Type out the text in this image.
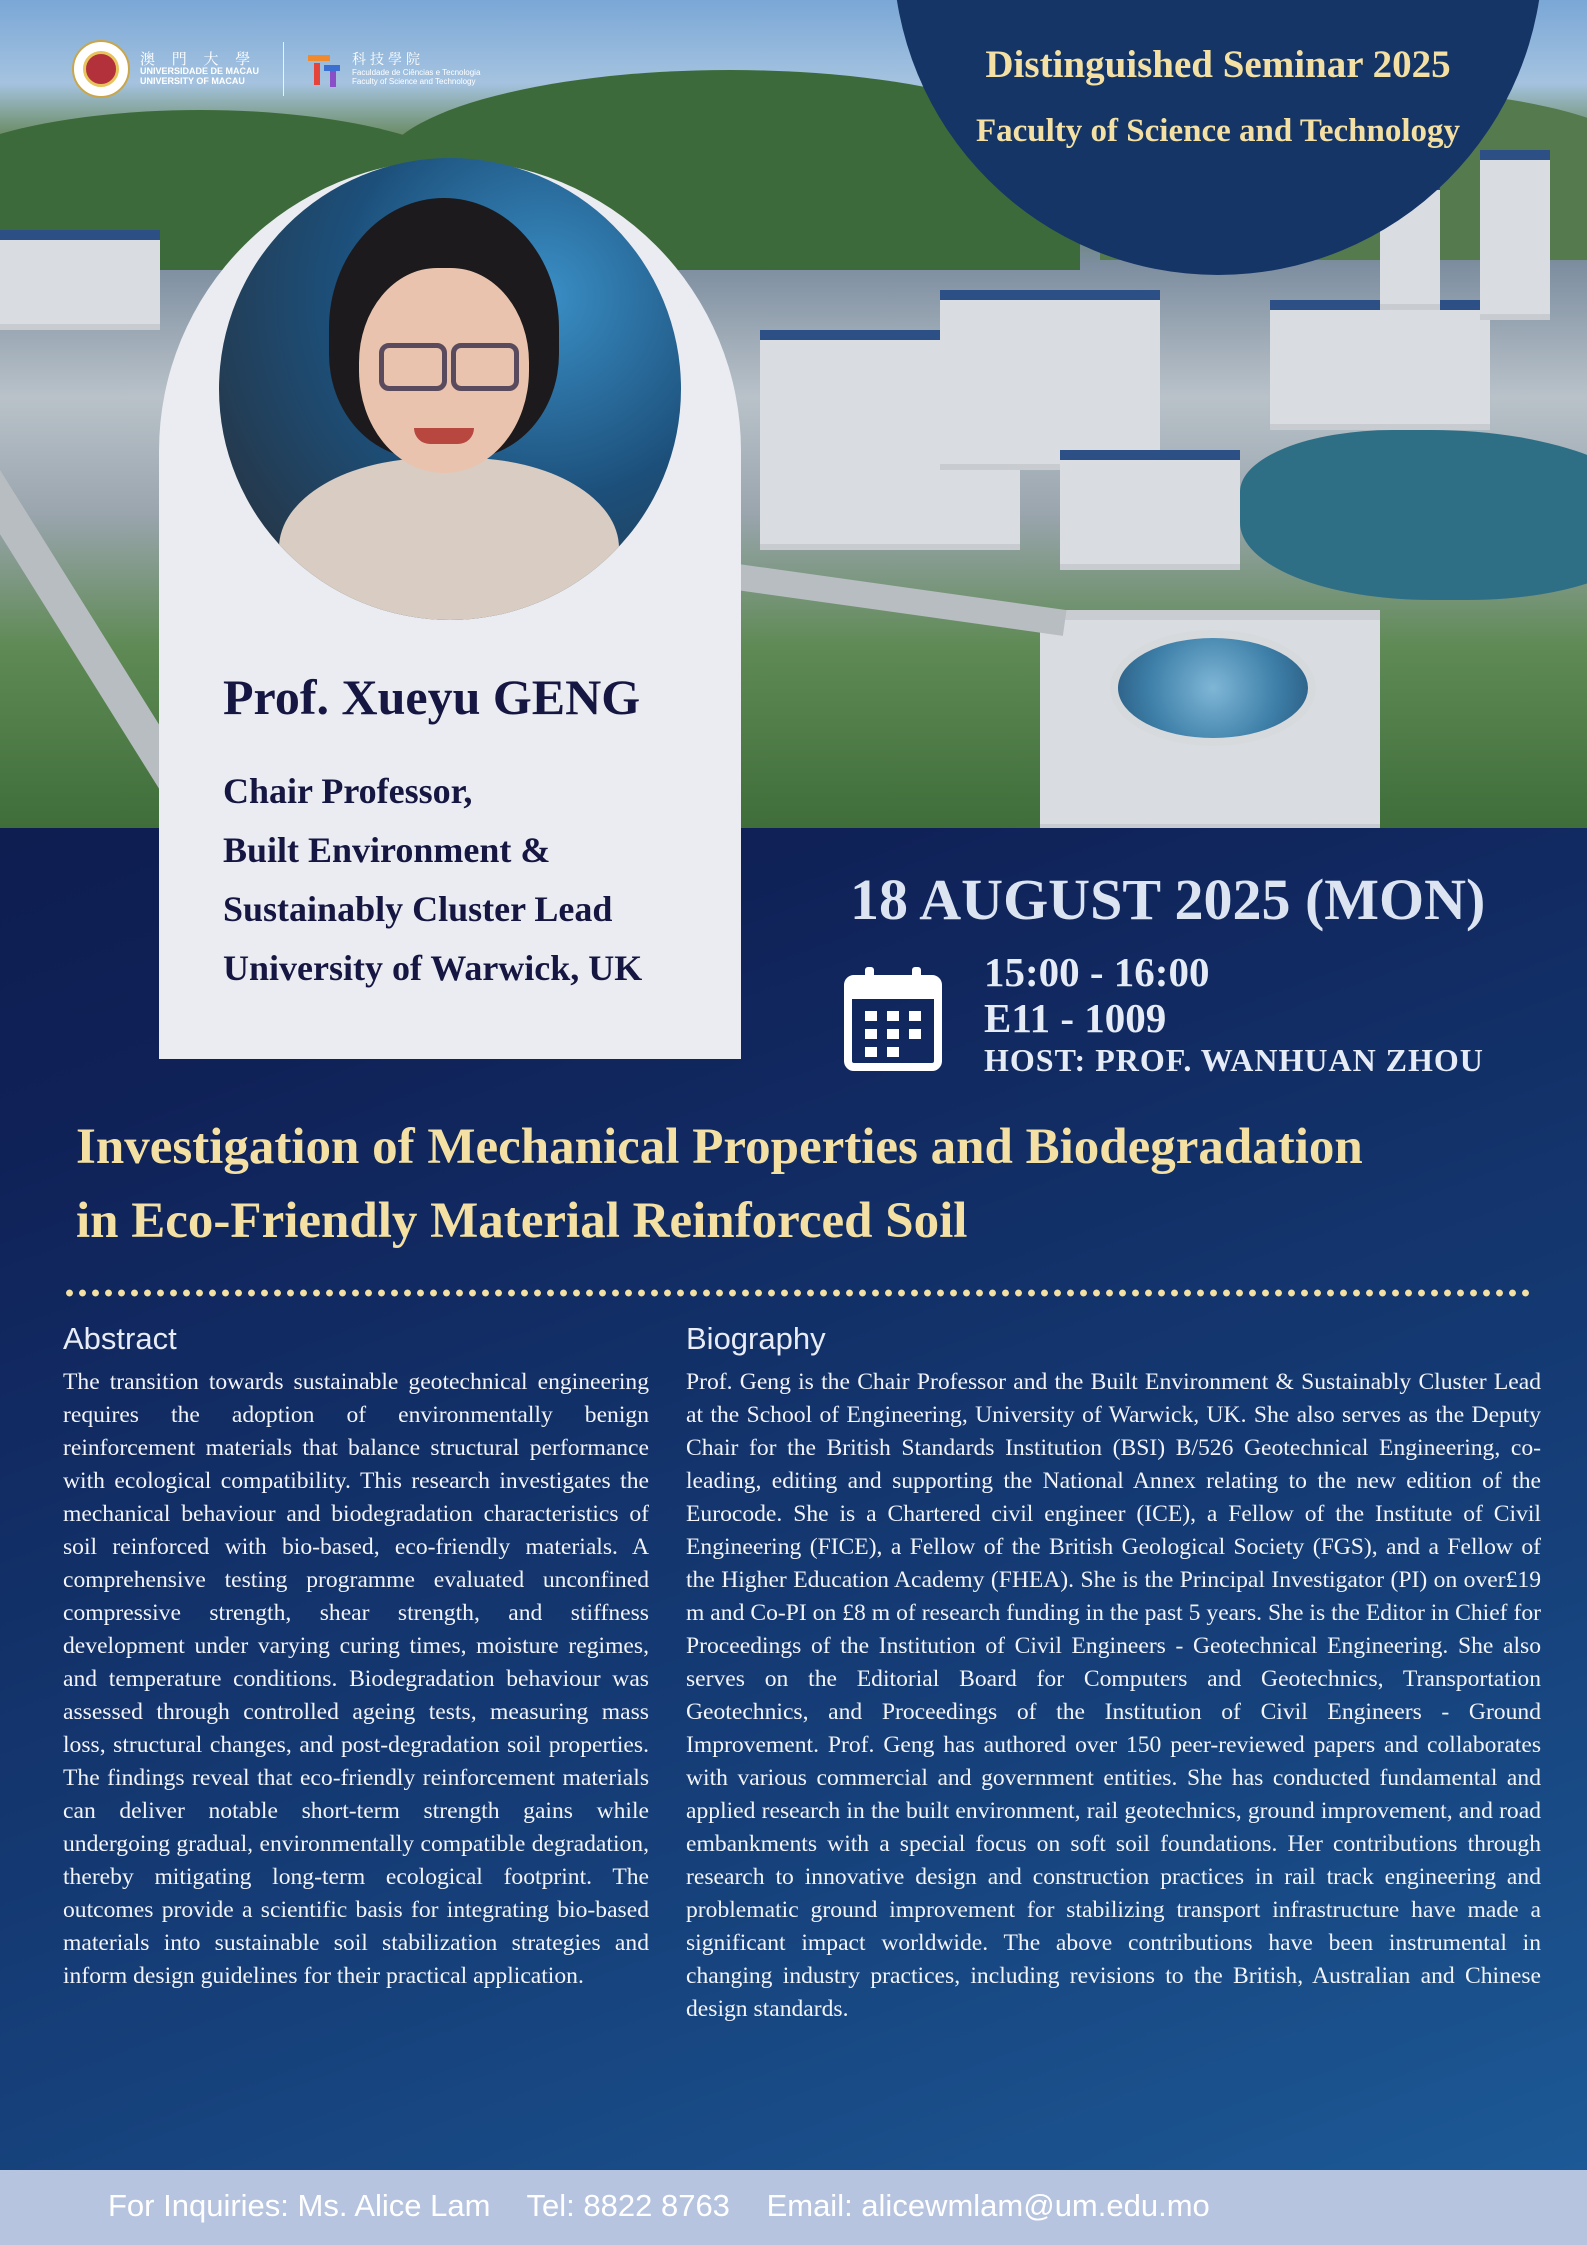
Distinguished Seminar 2025
Faculty of Science and Technology
澳 門 大 學
UNIVERSIDADE DE MACAU
UNIVERSITY OF MACAU
科技學院
Faculdade de Ciências e Tecnologia
Faculty of Science and Technology
Prof. Xueyu GENG
Chair Professor,
Built Environment &
Sustainably Cluster Lead
University of Warwick, UK
18 AUGUST 2025 (MON)
15:00 - 16:00
E11 - 1009
HOST: PROF. WANHUAN ZHOU
Investigation of Mechanical Properties and Biodegradation
in Eco-Friendly Material Reinforced Soil
Abstract

The transition towards sustainable geotechnical engineering requires the adoption of environmentally benign reinforcement materials that balance structural performance with ecological compatibility. This research investigates the mechanical behaviour and biodegradation characteristics of soil reinforced with bio-based, eco-friendly materials. A comprehensive testing programme evaluated unconfined compressive strength, shear strength, and stiffness development under varying curing times, moisture regimes, and temperature conditions. Biodegradation behaviour was assessed through controlled ageing tests, measuring mass loss, structural changes, and post-degradation soil properties. The findings reveal that eco-friendly reinforcement materials can deliver notable short-term strength gains while undergoing gradual, environmentally compatible degradation, thereby mitigating long-term ecological footprint. The outcomes provide a scientific basis for integrating bio-based materials into sustainable soil stabilization strategies and inform design guidelines for their practical application.

Biography

Prof. Geng is the Chair Professor and the Built Environment & Sustainably Cluster Lead at the School of Engineering, University of Warwick, UK. She also serves as the Deputy Chair for the British Standards Institution (BSI) B/526 Geotechnical Engineering, co-leading, editing and supporting the National Annex relating to the new edition of the Eurocode. She is a Chartered civil engineer (ICE), a Fellow of the Institute of Civil Engineering (FICE), a Fellow of the British Geological Society (FGS), and a Fellow of the Higher Education Academy (FHEA). She is the Principal Investigator (PI) on over£19 m and Co-PI on £8 m of research funding in the past 5 years. She is the Editor in Chief for Proceedings of the Institution of Civil Engineers - Geotechnical Engineering. She also serves on the Editorial Board for Computers and Geotechnics, Transportation Geotechnics, and Proceedings of the Institution of Civil Engineers - Ground Improvement. Prof. Geng has authored over 150 peer-reviewed papers and collaborates with various commercial and government entities. She has conducted fundamental and applied research in the built environment, rail geotechnics, ground improvement, and road embankments with a special focus on soft soil foundations. Her contributions through research to innovative design and construction practices in rail track engineering and problematic ground improvement for stabilizing transport infrastructure have made a significant impact worldwide. The above contributions have been instrumental in changing industry practices, including revisions to the British, Australian and Chinese design standards.

For Inquiries: Ms. Alice Lam Tel: 8822 8763 Email: alicewmlam@um.edu.mo
